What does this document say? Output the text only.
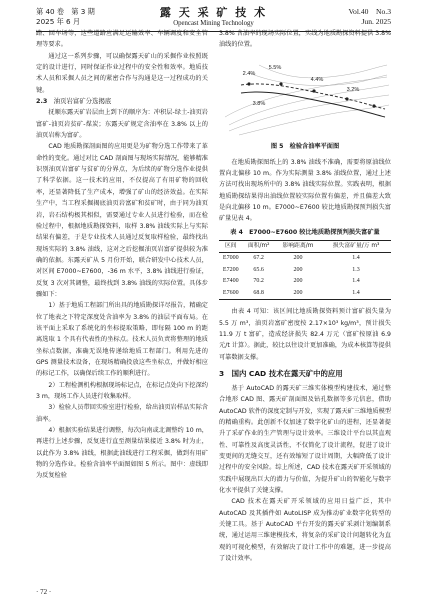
第 40 卷　第 3 期
2025 年 6 月
露 天 采 矿 技 术
Opencast Mining Technology
Vol.40　No.3
Jun. 2025

路、回车场等，这些道路应满足运输效率、车辆调度和安全管理等要求。

通过这一系列步骤，可以确保露天矿山的采掘作业按照既定的设计进行，同时保证作业过程中的安全性和效率。地质技术人员和采掘人员之间的紧密合作与沟通是这一过程成功的关键。

2.3　 油页岩富矿分选揭底

抚顺东露天矿岩层由上到下的顺序为：冲积层-绿土-油页岩富矿-油页岩贫矿-煤炭；东露天矿规定含油率在 3.8% 以上的油页岩称为富矿。

CAD 地质勘探剖面图的应用更是为矿物分选工作带来了革命性的变化。通过对比 CAD 剖面图与现场实际情况，能够精准识别油页岩富矿与贫矿的分界点，为后续的矿物分选作业提供了科学依据。这一技术的应用，不仅提高了有用矿物的回收率，还显著降低了生产成本，增强了矿山的经济效益。在实际生产中，当工程采掘揭底油页岩富矿和贫矿时，由于同为油页岩，岩石结构极其相似，需要通过专业人员进行检验，而在检验过程中，根据地质勘探资料，取样 3.8% 油线实际上与实际结果有偏差，于是专业技术人员通过反复取样检验，最终找出现场实际的 3.8% 油线，这对之后挖掘油页岩富矿提供较为准确的依据。东露天矿从 5 月份开始，联合研发中心技术人员，对区间 E7000~E7600，-36 m 水平，3.8% 油线进行验证，反复 3 次对其调整，最终找到 3.8% 油线的实际位置。具体步骤如下：

1）基于地质工程部门所出具的地质勘探详尽报告，精确定位了地表之下特定深度处含油率为 3.8% 的油层平面布局。在该平面上采取了系统化的坐标提取策略，即每隔 100 m 的距离选取 1 个具有代表性的坐标点。技术人员负责将整理的地质坐标点数据，准确无误地传递给地质工程部门。利用先进的 GPS 测量技术设备，在现场精确投放这些坐标点，并做好相应的标记工作，以确保后续工作的顺利进行。

2）工程检测机构根据现场标记点，在标记点处向下挖深约 3 m，现场工作人员进行收集取样。

3）检验人员带回实验室进行检验，给出油页岩样品实际含油率。

4）根据实验结果进行调整，每次向南或北调整约 10 m，再进行上述步骤，反复进行直至测量结果接近 3.8% 时为止，以此作为 3.8% 油线，根据此油线进行工程采掘，做到有用矿物的分选作业。检验含油率平面图如图 5 所示。图中：虚线即为反复检验

3.8% 含油率的现场实际位置，实线为地质勘探资料提供 3.8% 油线的位置。

2.4%
5.5%
4.4%
3.2%
3.8%
图 5　检验含油率平面图

在地质勘探图纸上的 3.8% 油线不准确，需要将原油线位置向北偏移 10 m。作为实际测量 3.8% 油线位置，通过上述方法可找出现场所中的 3.8% 油线实际位置。实践表明，根据地质勘探结果得出油线位置较实际位置有偏差，并且偏差大致是向北偏移 10 m。E7000~E7600 较比地质勘探预判损失富矿量见表 4。

表 4　E7000~E7600 较比地质勘探预判损失富矿量
区间	面积/m²	影响距离/m	损失富矿量/万 m³
E7000	67.2	200	1.4
E7200	65.6	200	1.3
E7400	70.2	200	1.4
E7600	68.8	200	1.4

由表 4 可知：该区间比地质勘探资料预计富矿损失量为 5.5 万 m³，油页岩富矿密度按 2.17×10³ kg/m³，预计损失 11.9 万 t 富矿，造成经济损失 82.4 万元（富矿按原油 6.9 元/t 计算）。据此，较比以往设计更加准确，为成本核算等提供可靠数据支撑。

3　 国内 CAD 技术在露天矿中的应用

基于 AutoCAD 的露天矿三维实体模型构建技术，通过整合地形 CAD 图、露天矿剖面图及钻孔数据等多元信息，借助 AutoCAD 软件的深度定制与开发，实现了露天矿三维地质模型的精确重构。此创新不仅加速了数字化矿山的进程，还显著提升了采矿作业的生产管理与设计效率。三维设计平台以其直观性、可靠性及高度灵活性，不仅简化了设计流程，促进了设计变更间的无缝交互，还有效缩短了设计周期，大幅降低了设计过程中的安全风险。综上所述，CAD 技术在露天矿开采领域的实践中展现出巨大的潜力与价值，为提升矿山的智能化与数字化水平提供了关键支撑。

CAD 技术在露天矿开采领域的应用日益广泛，其中 AutoCAD 及其插件如 AutoLISP 成为推动矿业数字化转型的关键工具。基于 AutoCAD 平台开发的露天矿采剥计划编制系统，通过运用三维建模技术，将复杂的采矿设计问题转化为直观的可视化模型，有效解决了设计工作中的难题，进一步提高了设计效率。

· 72 ·
